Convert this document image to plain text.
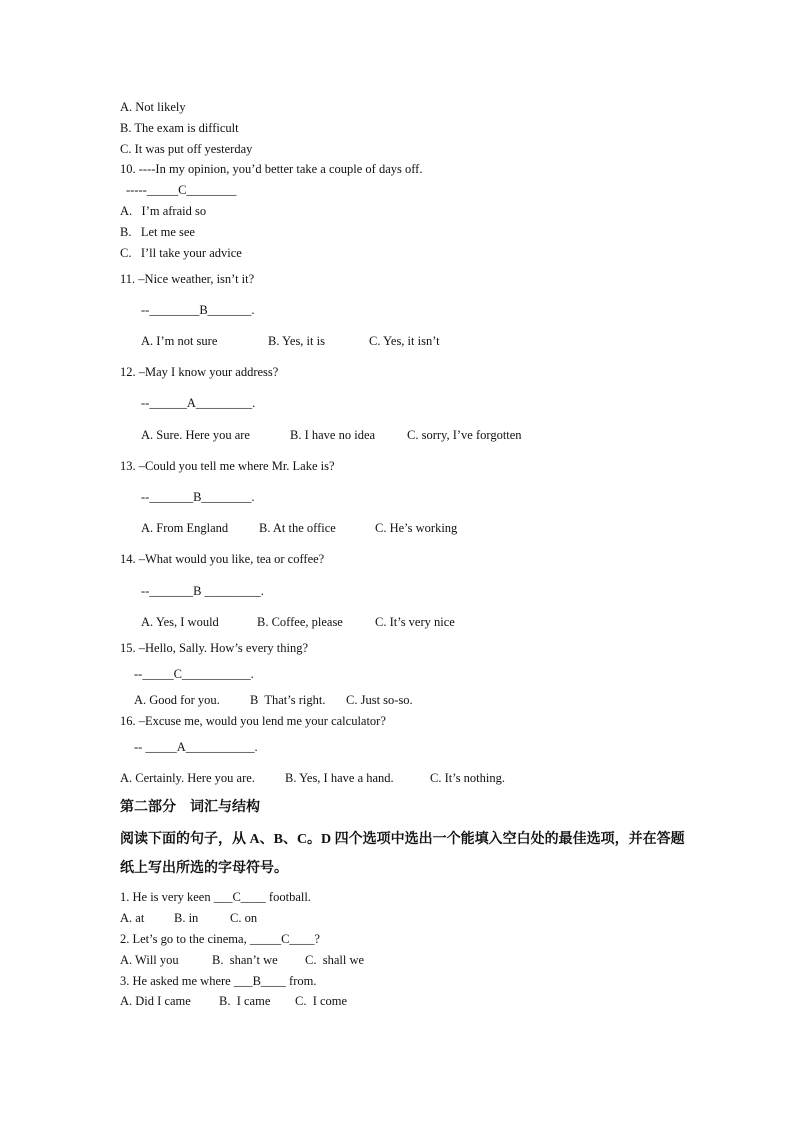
A. Not likely
B. The exam is difficult
C. It was put off yesterday
10. ----In my opinion, you’d better take a couple of days off.
-----_____C________
A.   I’m afraid so
B.   Let me see
C.   I’ll take your advice
11. –Nice weather, isn’t it?
--________B_______.
A. I’m not sure	B. Yes, it is	C. Yes, it isn’t
12. –May I know your address?
--______A_________.
A. Sure. Here you are	B. I have no idea	C. sorry, I’ve forgotten
13. –Could you tell me where Mr. Lake is?
--_______B________.
A. From England B. At the office	C. He’s working
14. –What would you like, tea or coffee?
--_______B _________.
A. Yes, I would	B. Coffee, please	C. It’s very nice
15. –Hello, Sally. How’s every thing?
--_____C___________.
A. Good for you. B  That’s right. C. Just so-so.
16. –Excuse me, would you lend me your calculator?
-- _____A___________.
A. Certainly. Here you are. B. Yes, I have a hand.	C. It’s nothing.
第二部分    词汇与结构
阅读下面的句子，从 A、B、C。D 四个选项中选出一个能填入空白处的最佳选项，并在答题
纸上写出所选的字母符号。
1. He is very keen ___C____ football.
A. at B. in	C. on
2. Let’s go to the cinema, _____C____?
A. Will you	B.  shan’t we C.  shall we
3. He asked me where ___B____ from.
A. Did I came B.  I came C.  I come
